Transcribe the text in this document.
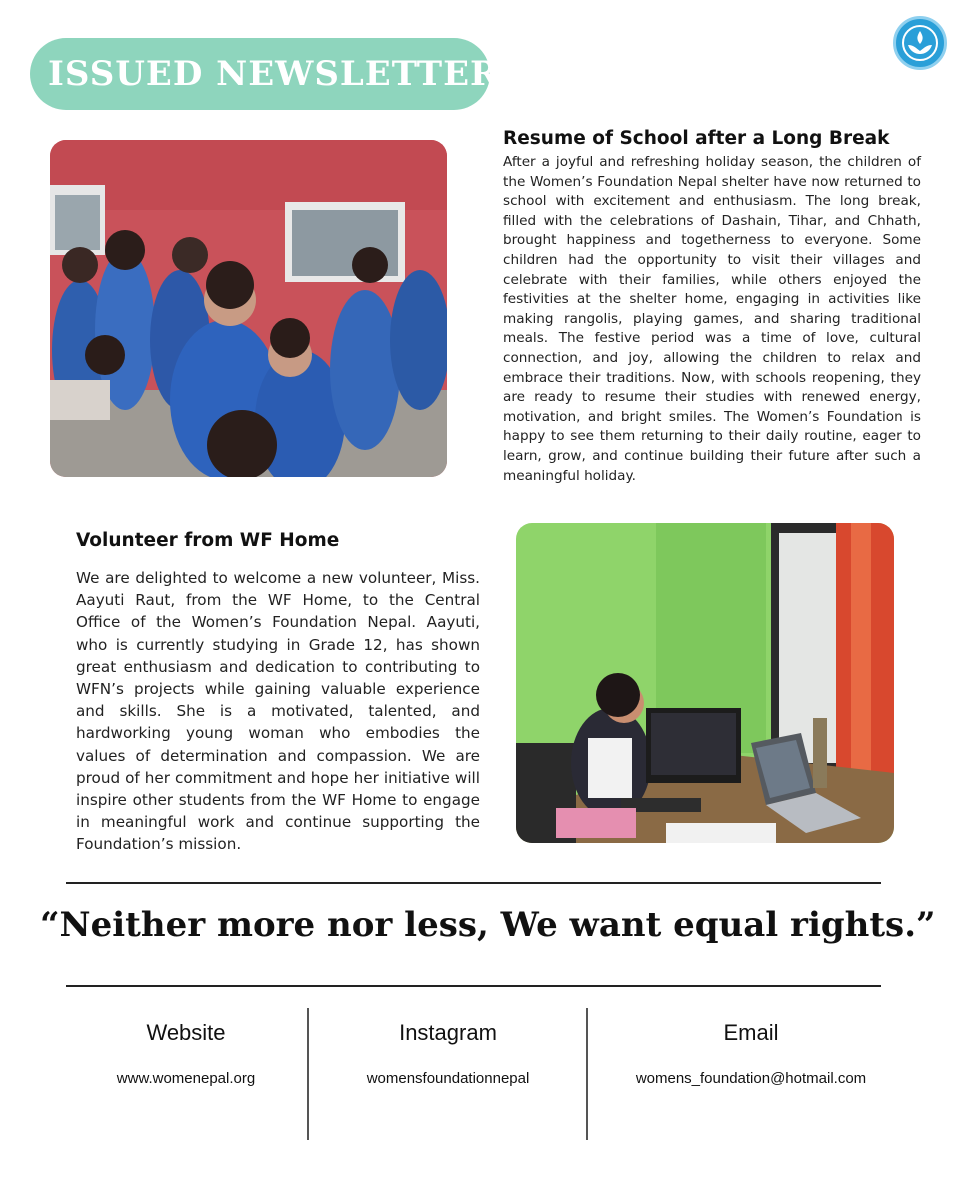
ISSUED NEWSLETTER
Resume of School after a Long Break

After a joyful and refreshing holiday season, the children of the Women’s Foundation Nepal shelter have now returned to school with excitement and enthusiasm. The long break, filled with the celebrations of Dashain, Tihar, and Chhath, brought happiness and togetherness to everyone. Some children had the opportunity to visit their villages and celebrate with their families, while others enjoyed the festivities at the shelter home, engaging in activities like making rangolis, playing games, and sharing traditional meals. The festive period was a time of love, cultural connection, and joy, allowing the children to relax and embrace their traditions. Now, with schools reopening, they are ready to resume their studies with renewed energy, motivation, and bright smiles. The Women’s Foundation is happy to see them returning to their daily routine, eager to learn, grow, and continue building their future after such a meaningful holiday.

Volunteer from WF Home

We are delighted to welcome a new volunteer, Miss. Aayuti Raut, from the WF Home, to the Central Office of the Women’s Foundation Nepal. Aayuti, who is currently studying in Grade 12, has shown great enthusiasm and dedication to contributing to WFN’s projects while gaining valuable experience and skills. She is a motivated, talented, and hardworking young woman who embodies the values of determination and compassion. We are proud of her commitment and hope her initiative will inspire other students from the WF Home to engage in meaningful work and continue supporting the Foundation’s mission.

“Neither more nor less, We want equal rights.”
Website
www.womenepal.org
Instagram
womensfoundationnepal
Email
womens_foundation@hotmail.com
